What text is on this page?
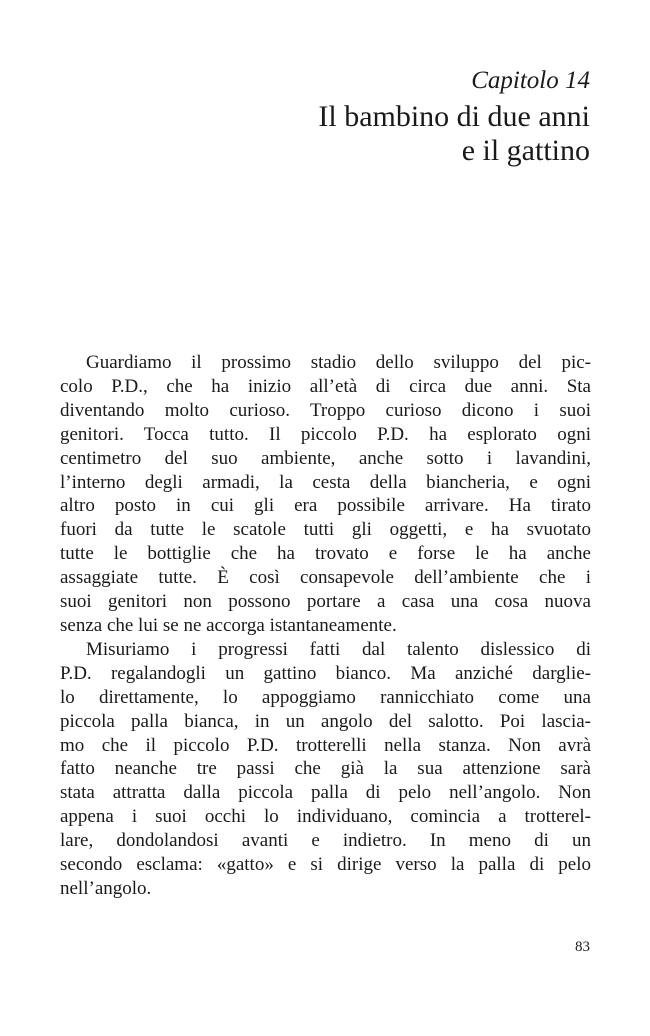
Capitolo 14

Il bambino di due anni
e il gattino
Guardiamo il prossimo stadio dello sviluppo del pic-
colo P.D., che ha inizio all’età di circa due anni. Sta
diventando molto curioso. Troppo curioso dicono i suoi
genitori. Tocca tutto. Il piccolo P.D. ha esplorato ogni
centimetro del suo ambiente, anche sotto i lavandini,
l’interno degli armadi, la cesta della biancheria, e ogni
altro posto in cui gli era possibile arrivare. Ha tirato
fuori da tutte le scatole tutti gli oggetti, e ha svuotato
tutte le bottiglie che ha trovato e forse le ha anche
assaggiate tutte. È così consapevole dell’ambiente che i
suoi genitori non possono portare a casa una cosa nuova
senza che lui se ne accorga istantaneamente.
Misuriamo i progressi fatti dal talento dislessico di
P.D. regalandogli un gattino bianco. Ma anziché darglie-
lo direttamente, lo appoggiamo rannicchiato come una
piccola palla bianca, in un angolo del salotto. Poi lascia-
mo che il piccolo P.D. trotterelli nella stanza. Non avrà
fatto neanche tre passi che già la sua attenzione sarà
stata attratta dalla piccola palla di pelo nell’angolo. Non
appena i suoi occhi lo individuano, comincia a trotterel-
lare, dondolandosi avanti e indietro. In meno di un
secondo esclama: «gatto» e si dirige verso la palla di pelo
nell’angolo.
83
